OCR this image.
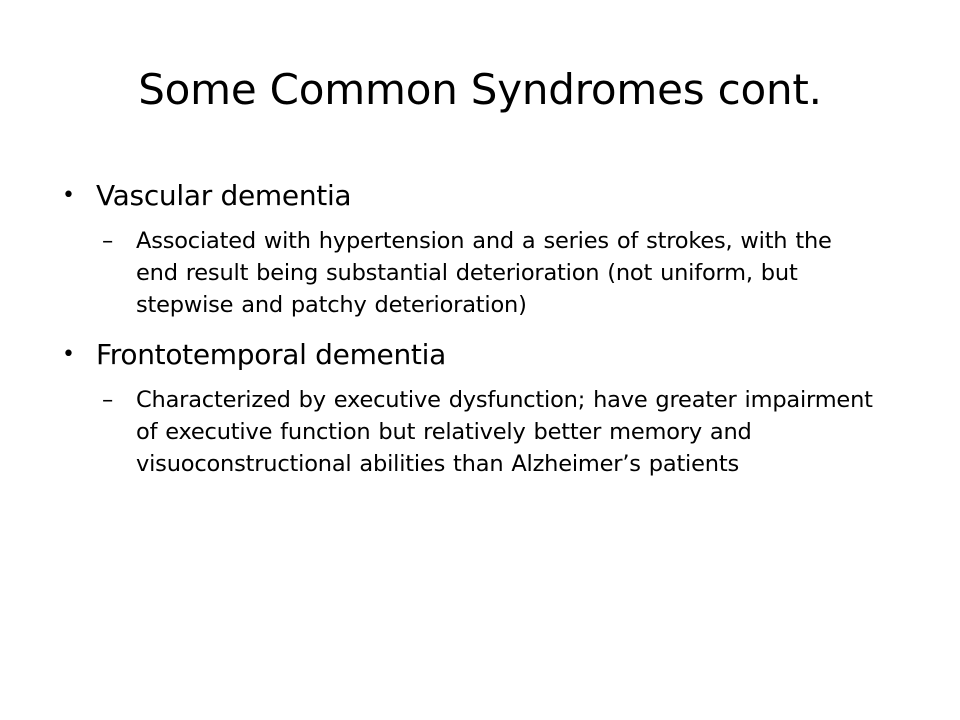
Some Common Syndromes cont.

• Vascular dementia

–	Associated with hypertension and a series of strokes, with the end result being substantial deterioration (not uniform, but stepwise and patchy deterioration)

• Frontotemporal dementia

–	Characterized by executive dysfunction; have greater impairment of executive function but relatively better memory and visuoconstructional abilities than Alzheimer’s patients
